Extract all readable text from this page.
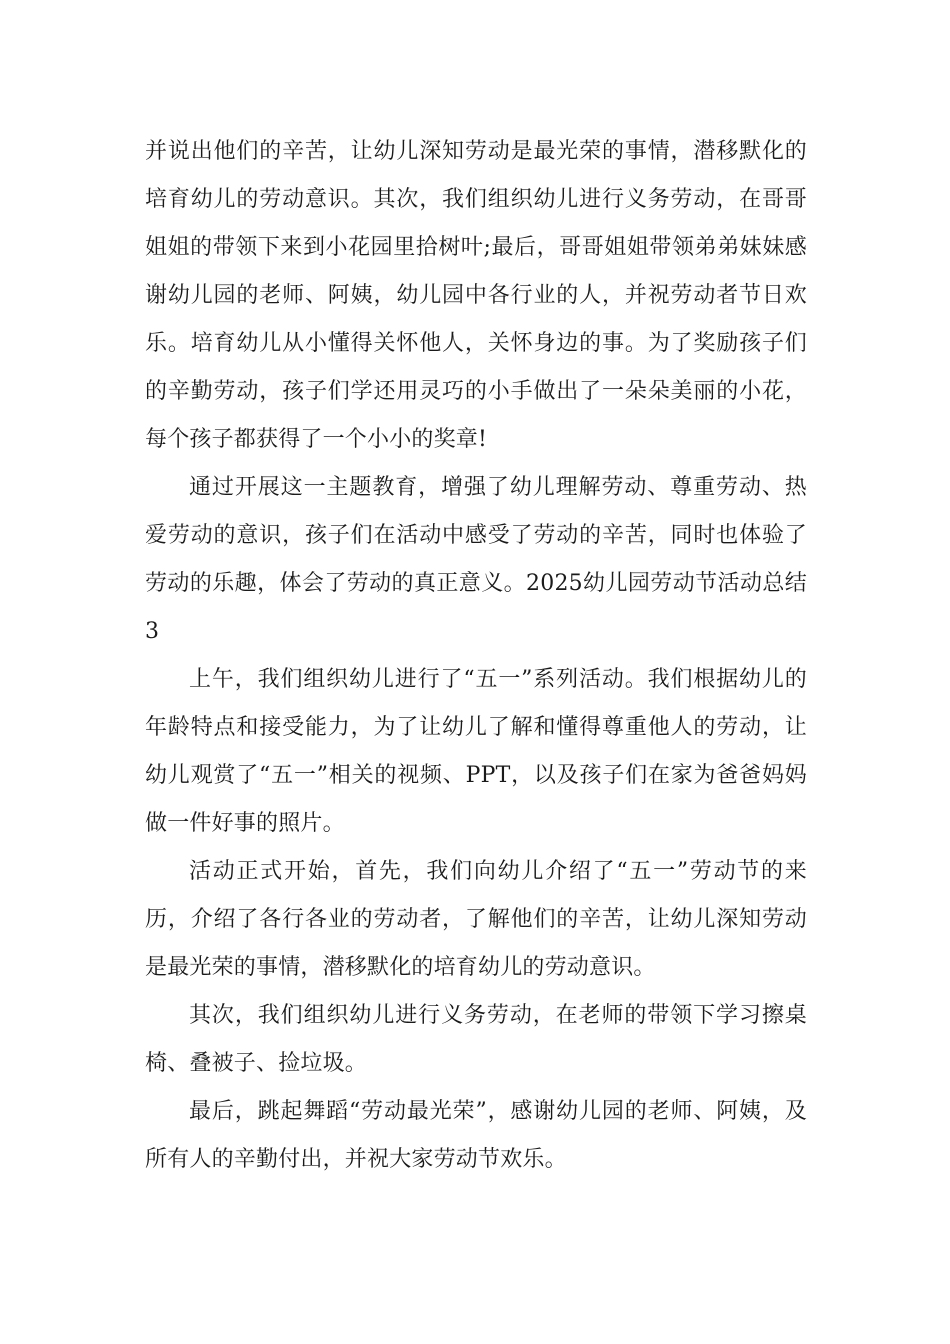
并说出他们的辛苦，让幼儿深知劳动是最光荣的事情，潜移默化的培育幼儿的劳动意识。其次，我们组织幼儿进行义务劳动，在哥哥姐姐的带领下来到小花园里拾树叶;最后，哥哥姐姐带领弟弟妹妹感谢幼儿园的老师、阿姨，幼儿园中各行业的人，并祝劳动者节日欢乐。培育幼儿从小懂得关怀他人，关怀身边的事。为了奖励孩子们的辛勤劳动，孩子们学还用灵巧的小手做出了一朵朵美丽的小花，每个孩子都获得了一个小小的奖章!

通过开展这一主题教育，增强了幼儿理解劳动、尊重劳动、热爱劳动的意识，孩子们在活动中感受了劳动的辛苦，同时也体验了劳动的乐趣，体会了劳动的真正意义。2025幼儿园劳动节活动总结3

上午，我们组织幼儿进行了“五一”系列活动。我们根据幼儿的年龄特点和接受能力，为了让幼儿了解和懂得尊重他人的劳动，让幼儿观赏了“五一”相关的视频、PPT，以及孩子们在家为爸爸妈妈做一件好事的照片。

活动正式开始，首先，我们向幼儿介绍了“五一”劳动节的来历，介绍了各行各业的劳动者，了解他们的辛苦，让幼儿深知劳动是最光荣的事情，潜移默化的培育幼儿的劳动意识。

其次，我们组织幼儿进行义务劳动，在老师的带领下学习擦桌椅、叠被子、捡垃圾。

最后，跳起舞蹈“劳动最光荣”，感谢幼儿园的老师、阿姨，及所有人的辛勤付出，并祝大家劳动节欢乐。
